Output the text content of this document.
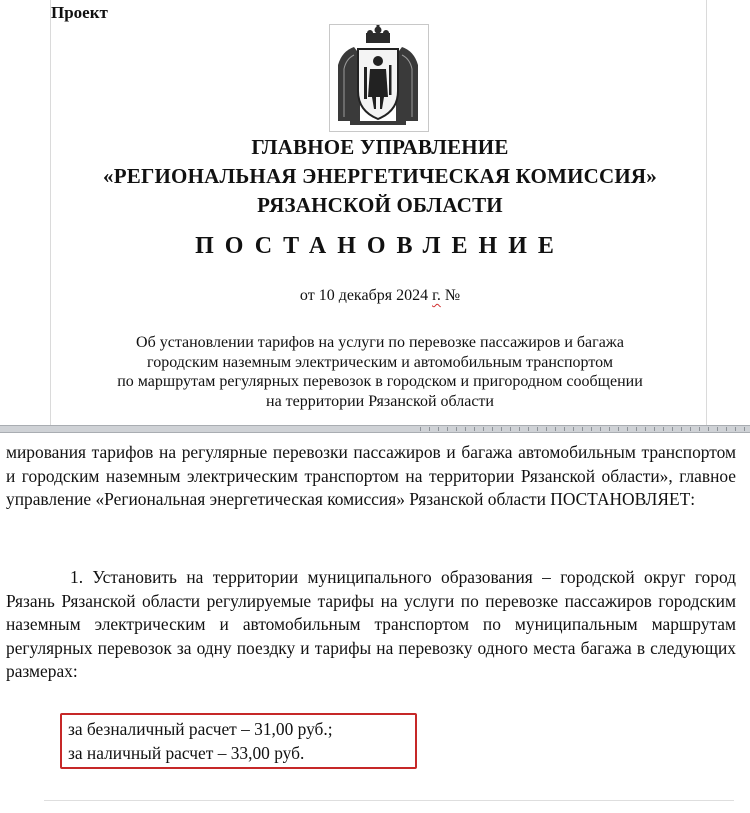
Проект
ГЛАВНОЕ УПРАВЛЕНИЕ
«РЕГИОНАЛЬНАЯ ЭНЕРГЕТИЧЕСКАЯ КОМИССИЯ»
РЯЗАНСКОЙ ОБЛАСТИ
ПОСТАНОВЛЕНИЕ
от 10 декабря 2024 г. №
Об установлении тарифов на услуги по перевозке пассажиров и багажа
городским наземным электрическим и автомобильным транспортом
по маршрутам регулярных перевозок в городском и пригородном сообщении
на территории Рязанской области

мирования тарифов на регулярные перевозки пассажиров и багажа автомобильным транспортом и городским наземным электрическим транспортом на территории Рязанской области», главное управление «Региональная энергетическая комиссия» Рязанской области ПОСТАНОВЛЯЕТ:

1. Установить на территории муниципального образования – городской округ город Рязань Рязанской области регулируемые тарифы на услуги по перевозке пассажиров городским наземным электрическим и автомобильным транспортом по муниципальным маршрутам регулярных перевозок за одну поездку и тарифы на перевозку одного места багажа в следующих размерах:

за безналичный расчет – 31,00 руб.;
за наличный расчет – 33,00 руб.
